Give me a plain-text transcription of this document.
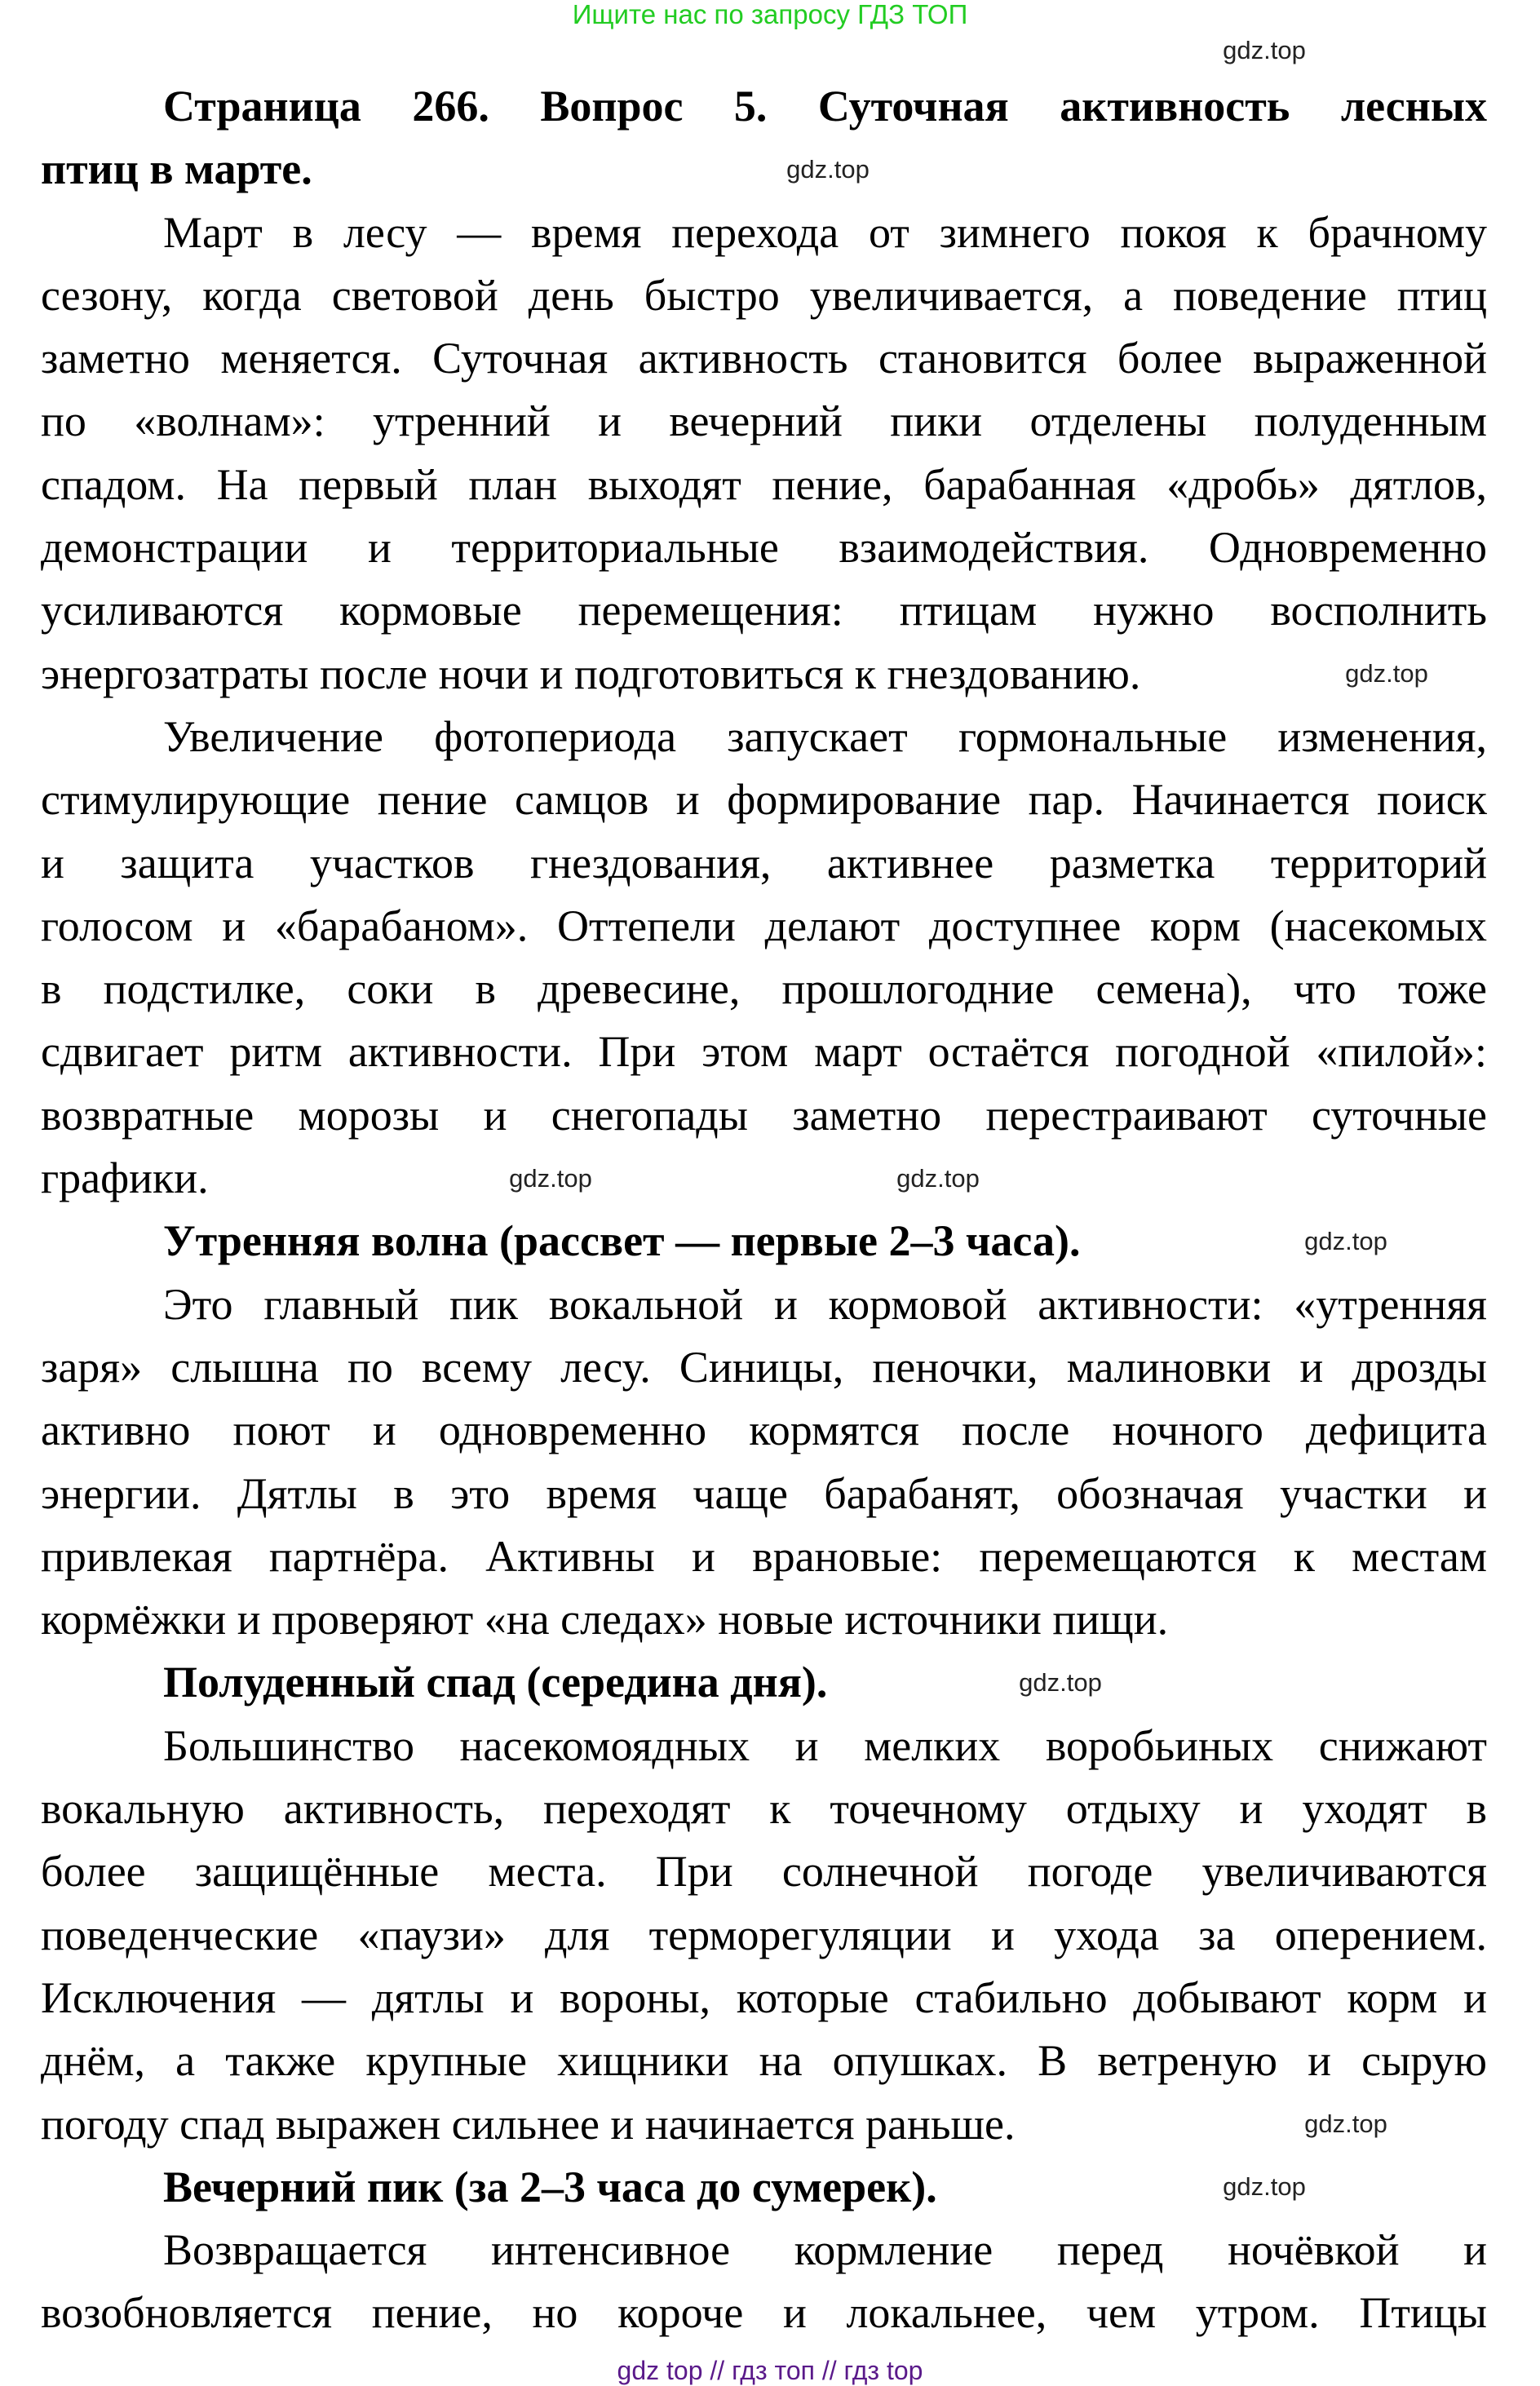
Ищите нас по запросу ГДЗ ТОП
Страница 266. Вопрос 5. Суточная активность лесных
птиц в марте.
Март в лесу — время перехода от зимнего покоя к брачному
сезону, когда световой день быстро увеличивается, а поведение птиц
заметно меняется. Суточная активность становится более выраженной
по «волнам»: утренний и вечерний пики отделены полуденным
спадом. На первый план выходят пение, барабанная «дробь» дятлов,
демонстрации и территориальные взаимодействия. Одновременно
усиливаются кормовые перемещения: птицам нужно восполнить
энергозатраты после ночи и подготовиться к гнездованию.
Увеличение фотопериода запускает гормональные изменения,
стимулирующие пение самцов и формирование пар. Начинается поиск
и защита участков гнездования, активнее разметка территорий
голосом и «барабаном». Оттепели делают доступнее корм (насекомых
в подстилке, соки в древесине, прошлогодние семена), что тоже
сдвигает ритм активности. При этом март остаётся погодной «пилой»:
возвратные морозы и снегопады заметно перестраивают суточные
графики.
Утренняя волна (рассвет — первые 2–3 часа).
Это главный пик вокальной и кормовой активности: «утренняя
заря» слышна по всему лесу. Синицы, пеночки, малиновки и дрозды
активно поют и одновременно кормятся после ночного дефицита
энергии. Дятлы в это время чаще барабанят, обозначая участки и
привлекая партнёра. Активны и врановые: перемещаются к местам
кормёжки и проверяют «на следах» новые источники пищи.
Полуденный спад (середина дня).
Большинство насекомоядных и мелких воробьиных снижают
вокальную активность, переходят к точечному отдыху и уходят в
более защищённые места. При солнечной погоде увеличиваются
поведенческие «паузи» для терморегуляции и ухода за оперением.
Исключения — дятлы и вороны, которые стабильно добывают корм и
днём, а также крупные хищники на опушках. В ветреную и сырую
погоду спад выражен сильнее и начинается раньше.
Вечерний пик (за 2–3 часа до сумерек).
Возвращается интенсивное кормление перед ночёвкой и
возобновляется пение, но короче и локальнее, чем утром. Птицы
gdz top // гдз топ // гдз top
gdz.top
gdz.top
gdz.top
gdz.top
gdz.top
gdz.top
gdz.top
gdz.top
gdz.top
